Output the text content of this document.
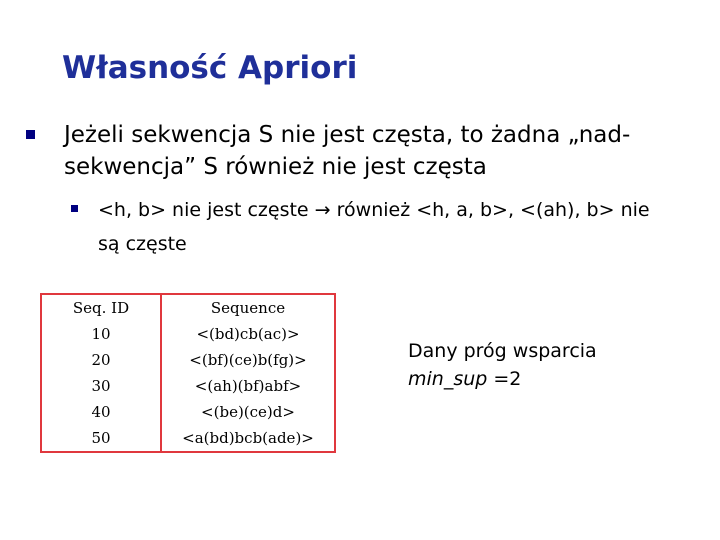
Własność Apriori
Jeżeli sekwencja S nie jest częsta, to żadna „nad-sekwencja” S również nie jest częsta
<h, b> nie jest częste → również <h, a, b>, <(ah), b> nie są częste
Seq. ID	Sequence
10	<(bd)cb(ac)>
20	<(bf)(ce)b(fg)>
30	<(ah)(bf)abf>
40	<(be)(ce)d>
50	<a(bd)bcb(ade)>
Dany próg wsparcia
min_sup =2
